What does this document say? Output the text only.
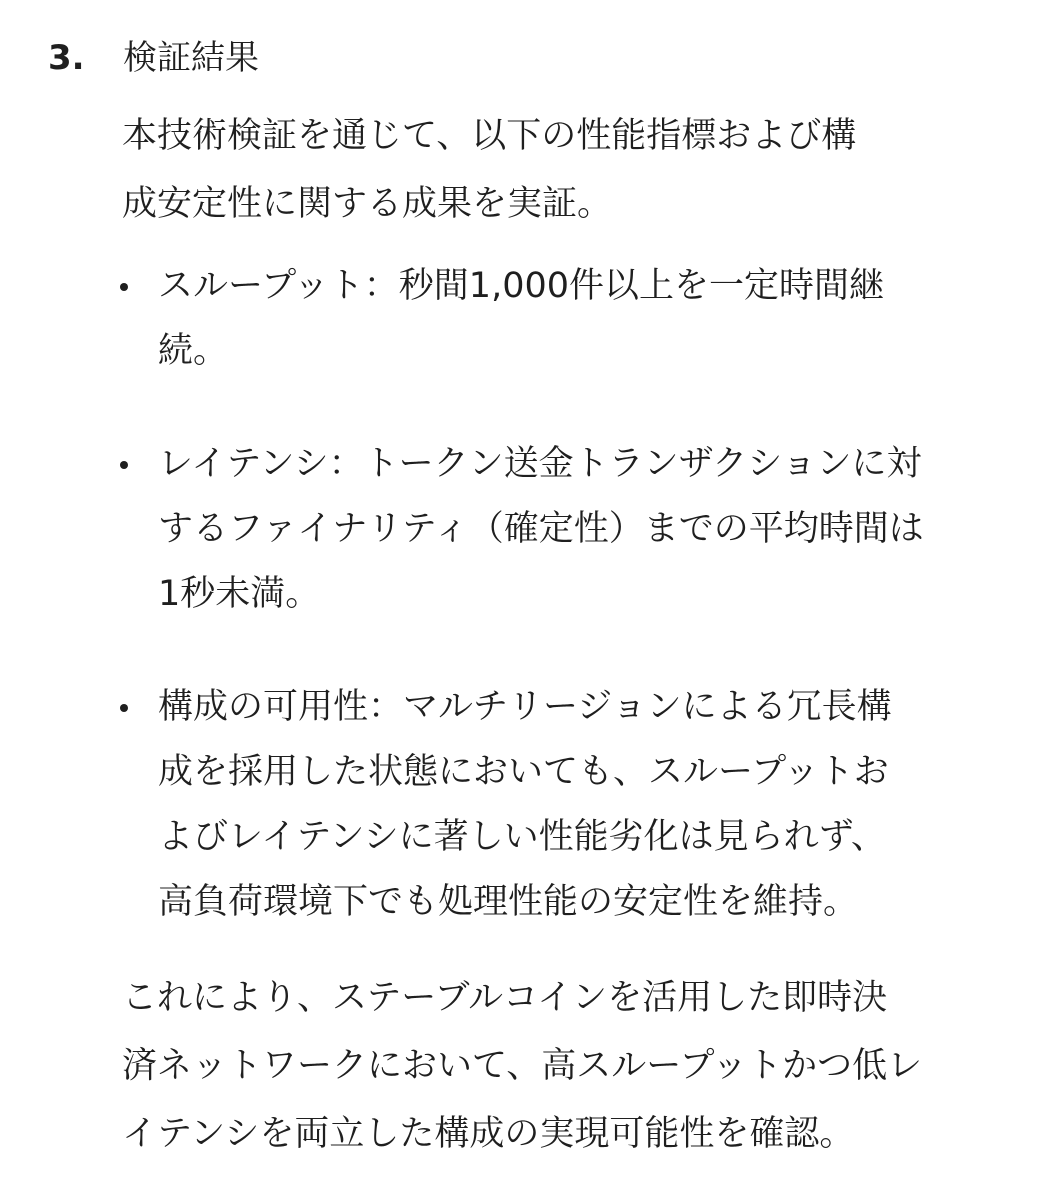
3. 検証結果
本技術検証を通じて、以下の性能指標および構
成安定性に関する成果を実証。
スループット：秒間1,000件以上を一定時間継
続。
レイテンシ：トークン送金トランザクションに対
するファイナリティ（確定性）までの平均時間は
1秒未満。
構成の可用性：マルチリージョンによる冗長構
成を採用した状態においても、スループットお
よびレイテンシに著しい性能劣化は見られず、
高負荷環境下でも処理性能の安定性を維持。
これにより、ステーブルコインを活用した即時決
済ネットワークにおいて、高スループットかつ低レ
イテンシを両立した構成の実現可能性を確認。
